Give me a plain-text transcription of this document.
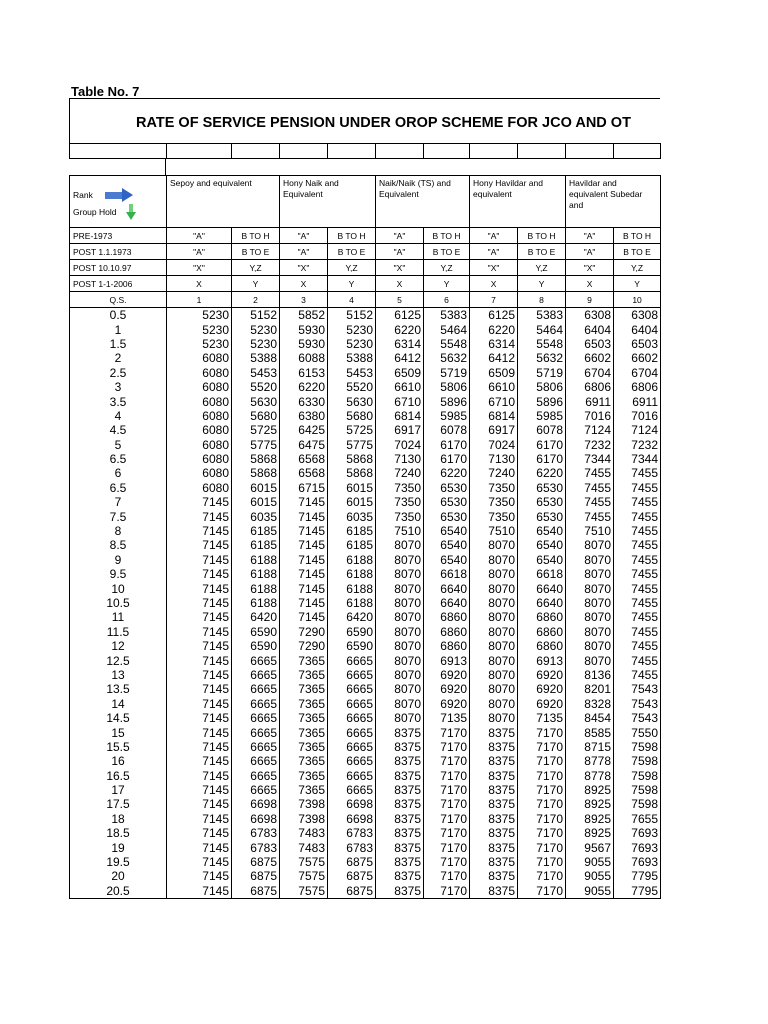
Table No. 7
RATE OF SERVICE PENSION UNDER OROP SCHEME FOR JCO AND OT

Rank
Group Hold	Sepoy and equivalent		Hony Naik and Equivalent		Naik/Naik (TS) and Equivalent		Hony Havildar and equivalent		Havildar and equivalent Subedar and	
PRE-1973	"A"	B TO H	"A"	B TO H	"A"	B TO H	"A"	B TO H	"A"	B TO H
POST 1.1.1973	"A"	B TO E	"A"	B TO E	"A"	B TO E	"A"	B TO E	"A"	B TO E
POST 10.10.97	"X"	Y,Z	"X"	Y,Z	"X"	Y,Z	"X"	Y,Z	"X"	Y,Z
POST 1-1-2006	X	Y	X	Y	X	Y	X	Y	X	Y
Q.S.	1	2	3	4	5	6	7	8	9	10
0.5	5230	5152	5852	5152	6125	5383	6125	5383	6308	6308
1	5230	5230	5930	5230	6220	5464	6220	5464	6404	6404
1.5	5230	5230	5930	5230	6314	5548	6314	5548	6503	6503
2	6080	5388	6088	5388	6412	5632	6412	5632	6602	6602
2.5	6080	5453	6153	5453	6509	5719	6509	5719	6704	6704
3	6080	5520	6220	5520	6610	5806	6610	5806	6806	6806
3.5	6080	5630	6330	5630	6710	5896	6710	5896	6911	6911
4	6080	5680	6380	5680	6814	5985	6814	5985	7016	7016
4.5	6080	5725	6425	5725	6917	6078	6917	6078	7124	7124
5	6080	5775	6475	5775	7024	6170	7024	6170	7232	7232
6.5	6080	5868	6568	5868	7130	6170	7130	6170	7344	7344
6	6080	5868	6568	5868	7240	6220	7240	6220	7455	7455
6.5	6080	6015	6715	6015	7350	6530	7350	6530	7455	7455
7	7145	6015	7145	6015	7350	6530	7350	6530	7455	7455
7.5	7145	6035	7145	6035	7350	6530	7350	6530	7455	7455
8	7145	6185	7145	6185	7510	6540	7510	6540	7510	7455
8.5	7145	6185	7145	6185	8070	6540	8070	6540	8070	7455
9	7145	6188	7145	6188	8070	6540	8070	6540	8070	7455
9.5	7145	6188	7145	6188	8070	6618	8070	6618	8070	7455
10	7145	6188	7145	6188	8070	6640	8070	6640	8070	7455
10.5	7145	6188	7145	6188	8070	6640	8070	6640	8070	7455
11	7145	6420	7145	6420	8070	6860	8070	6860	8070	7455
11.5	7145	6590	7290	6590	8070	6860	8070	6860	8070	7455
12	7145	6590	7290	6590	8070	6860	8070	6860	8070	7455
12.5	7145	6665	7365	6665	8070	6913	8070	6913	8070	7455
13	7145	6665	7365	6665	8070	6920	8070	6920	8136	7455
13.5	7145	6665	7365	6665	8070	6920	8070	6920	8201	7543
14	7145	6665	7365	6665	8070	6920	8070	6920	8328	7543
14.5	7145	6665	7365	6665	8070	7135	8070	7135	8454	7543
15	7145	6665	7365	6665	8375	7170	8375	7170	8585	7550
15.5	7145	6665	7365	6665	8375	7170	8375	7170	8715	7598
16	7145	6665	7365	6665	8375	7170	8375	7170	8778	7598
16.5	7145	6665	7365	6665	8375	7170	8375	7170	8778	7598
17	7145	6665	7365	6665	8375	7170	8375	7170	8925	7598
17.5	7145	6698	7398	6698	8375	7170	8375	7170	8925	7598
18	7145	6698	7398	6698	8375	7170	8375	7170	8925	7655
18.5	7145	6783	7483	6783	8375	7170	8375	7170	8925	7693
19	7145	6783	7483	6783	8375	7170	8375	7170	9567	7693
19.5	7145	6875	7575	6875	8375	7170	8375	7170	9055	7693
20	7145	6875	7575	6875	8375	7170	8375	7170	9055	7795
20.5	7145	6875	7575	6875	8375	7170	8375	7170	9055	7795
